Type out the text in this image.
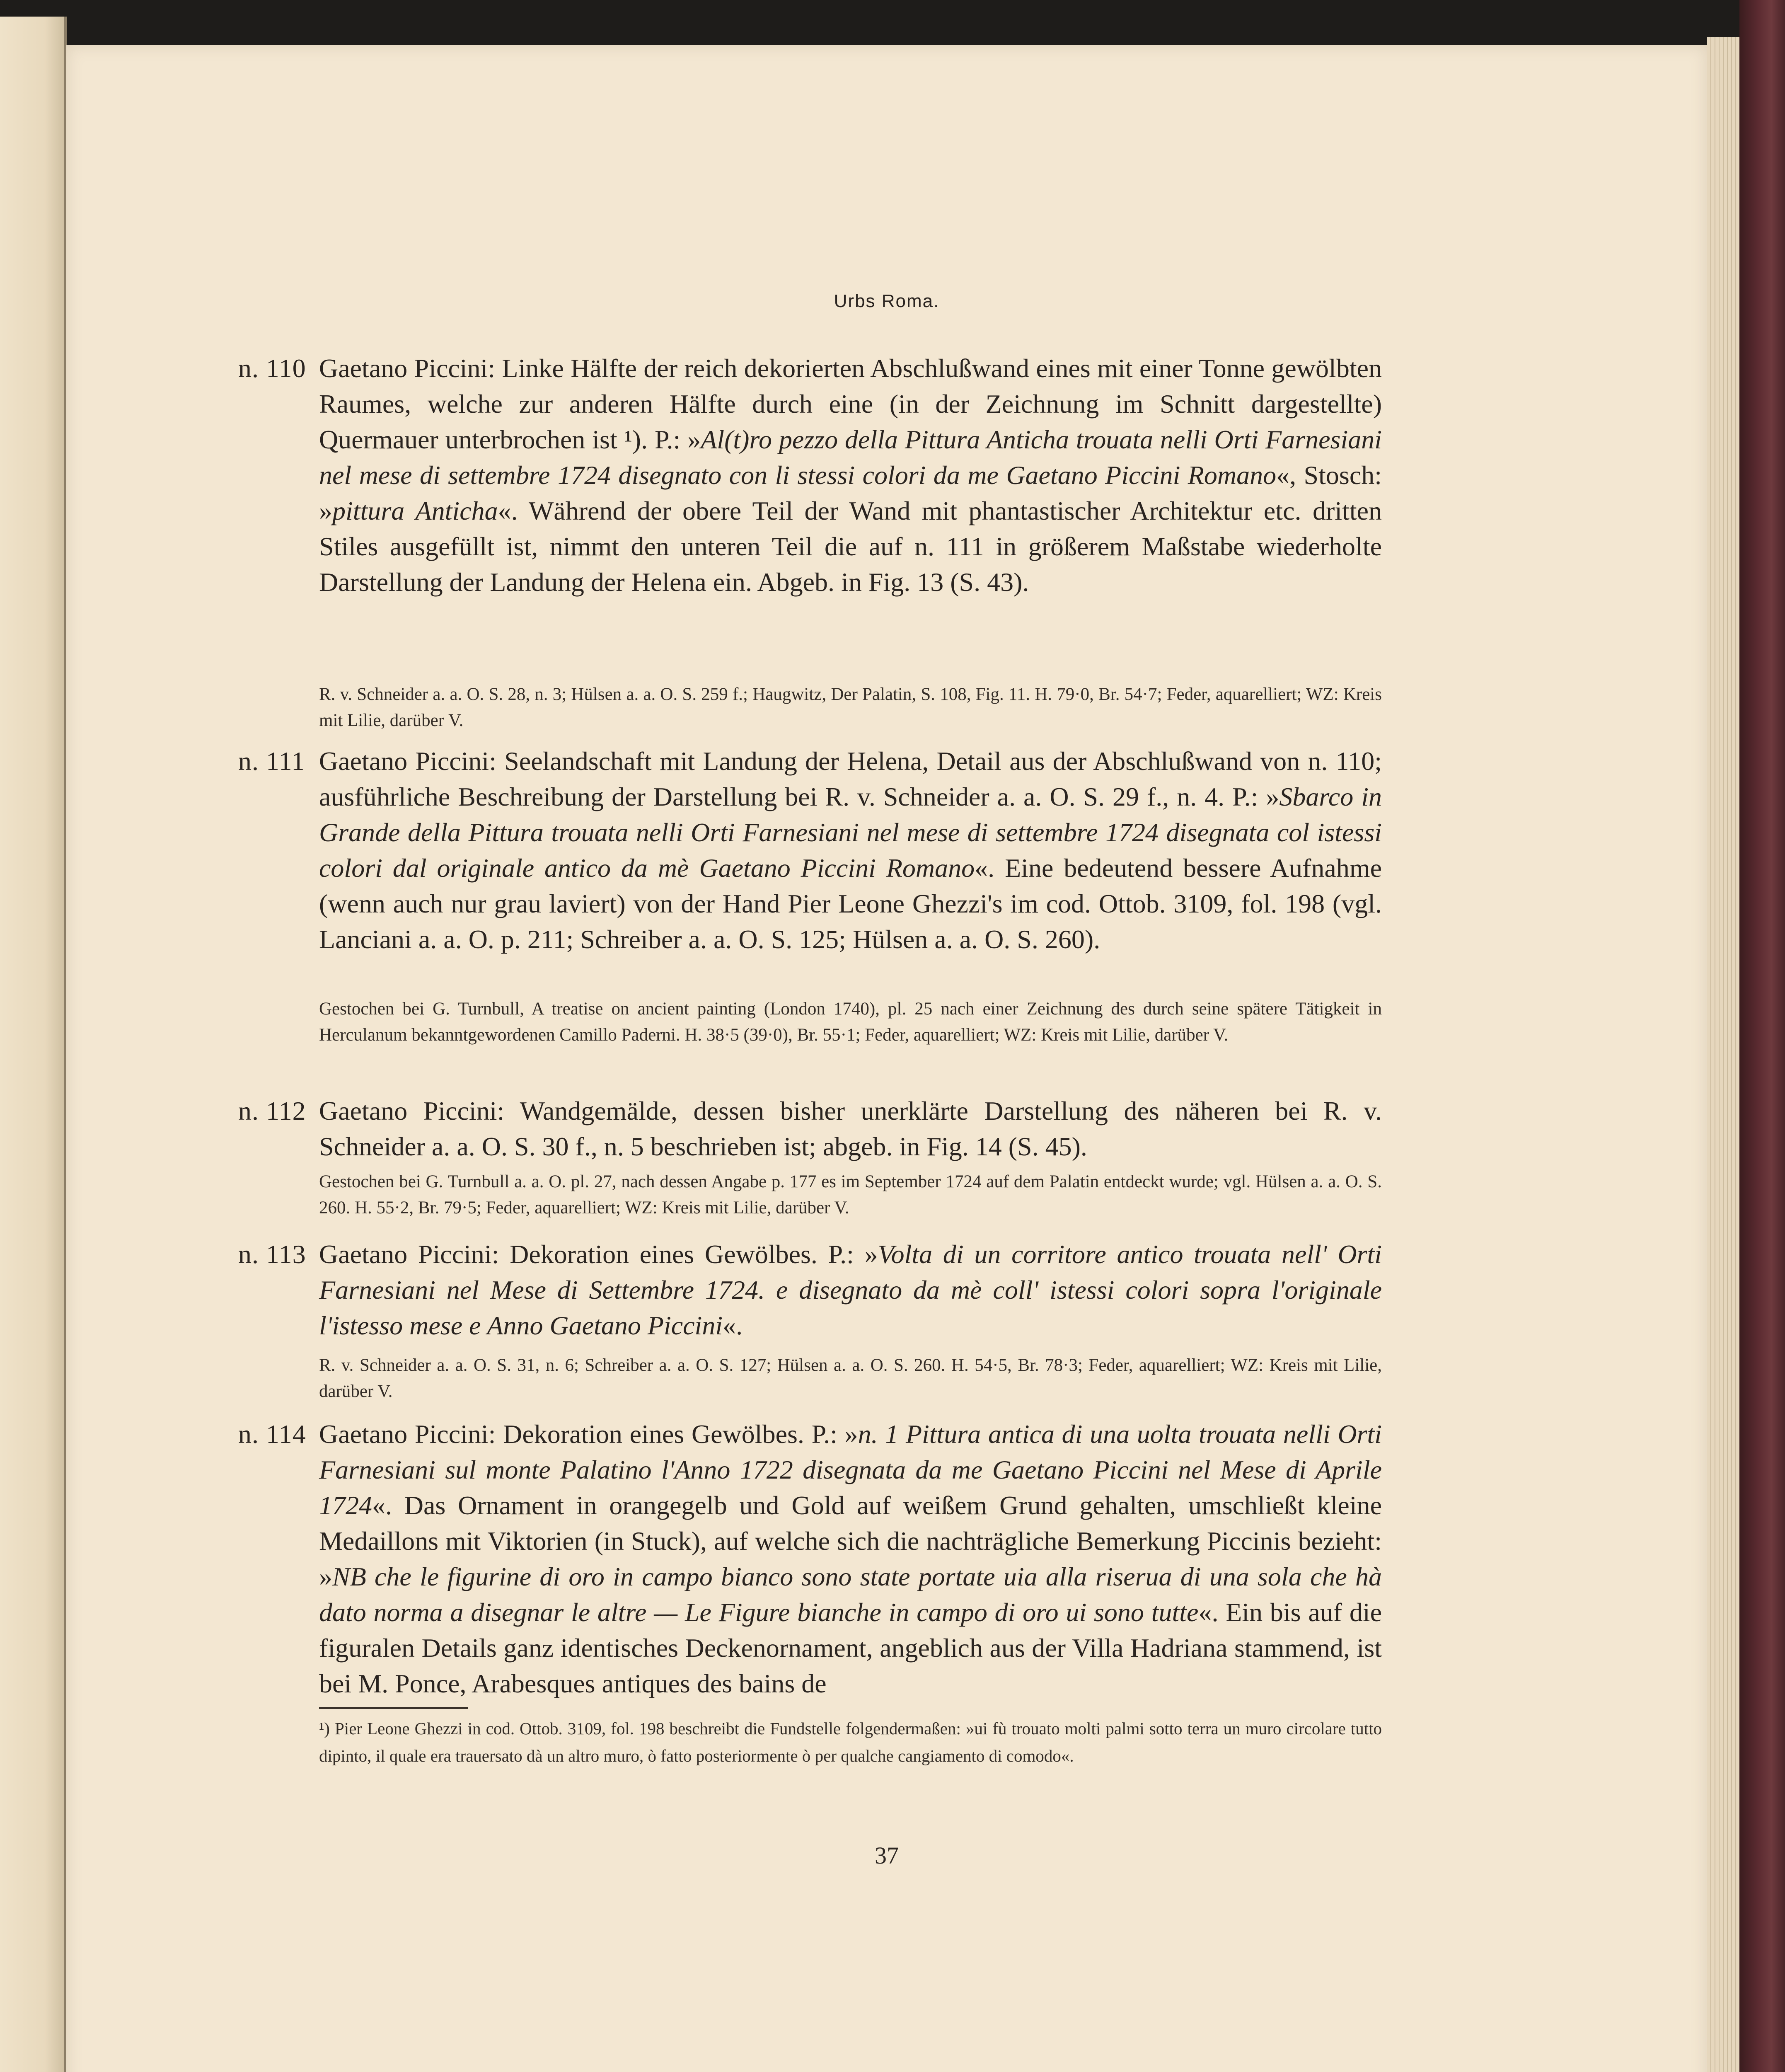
Urbs Roma.
n. 110 Gaetano Piccini: Linke Hälfte der reich dekorierten Abschlußwand eines mit einer Tonne gewölbten Raumes, welche zur anderen Hälfte durch eine (in der Zeichnung im Schnitt dargestellte) Quermauer unterbrochen ist ¹). P.: »Al(t)ro pezzo della Pittura Anticha trouata nelli Orti Farnesiani nel mese di settembre 1724 disegnato con li stessi colori da me Gaetano Piccini Romano«, Stosch: »pittura Anticha«. Während der obere Teil der Wand mit phantastischer Architektur etc. dritten Stiles ausgefüllt ist, nimmt den unteren Teil die auf n. 111 in größerem Maßstabe wiederholte Darstellung der Landung der Helena ein. Abgeb. in Fig. 13 (S. 43).
R. v. Schneider a. a. O. S. 28, n. 3; Hülsen a. a. O. S. 259 f.; Haugwitz, Der Palatin, S. 108, Fig. 11. H. 79·0, Br. 54·7; Feder, aquarelliert; WZ: Kreis mit Lilie, darüber V.
n. 111 Gaetano Piccini: Seelandschaft mit Landung der Helena, Detail aus der Abschlußwand von n. 110; ausführliche Beschreibung der Darstellung bei R. v. Schneider a. a. O. S. 29 f., n. 4. P.: »Sbarco in Grande della Pittura trouata nelli Orti Farnesiani nel mese di settembre 1724 disegnata col istessi colori dal originale antico da mè Gaetano Piccini Romano«. Eine bedeutend bessere Aufnahme (wenn auch nur grau laviert) von der Hand Pier Leone Ghezzi's im cod. Ottob. 3109, fol. 198 (vgl. Lanciani a. a. O. p. 211; Schreiber a. a. O. S. 125; Hülsen a. a. O. S. 260).
Gestochen bei G. Turnbull, A treatise on ancient painting (London 1740), pl. 25 nach einer Zeichnung des durch seine spätere Tätigkeit in Herculanum bekanntgewordenen Camillo Paderni. H. 38·5 (39·0), Br. 55·1; Feder, aquarelliert; WZ: Kreis mit Lilie, darüber V.
n. 112 Gaetano Piccini: Wandgemälde, dessen bisher unerklärte Darstellung des näheren bei R. v. Schneider a. a. O. S. 30 f., n. 5 beschrieben ist; abgeb. in Fig. 14 (S. 45).
Gestochen bei G. Turnbull a. a. O. pl. 27, nach dessen Angabe p. 177 es im September 1724 auf dem Palatin entdeckt wurde; vgl. Hülsen a. a. O. S. 260. H. 55·2, Br. 79·5; Feder, aquarelliert; WZ: Kreis mit Lilie, darüber V.
n. 113 Gaetano Piccini: Dekoration eines Gewölbes. P.: »Volta di un corritore antico trouata nell' Orti Farnesiani nel Mese di Settembre 1724. e disegnato da mè coll' istessi colori sopra l'originale l'istesso mese e Anno Gaetano Piccini«.
R. v. Schneider a. a. O. S. 31, n. 6; Schreiber a. a. O. S. 127; Hülsen a. a. O. S. 260. H. 54·5, Br. 78·3; Feder, aquarelliert; WZ: Kreis mit Lilie, darüber V.
n. 114 Gaetano Piccini: Dekoration eines Gewölbes. P.: »n. 1 Pittura antica di una uolta trouata nelli Orti Farnesiani sul monte Palatino l'Anno 1722 disegnata da me Gaetano Piccini nel Mese di Aprile 1724«. Das Ornament in orangegelb und Gold auf weißem Grund gehalten, umschließt kleine Medaillons mit Viktorien (in Stuck), auf welche sich die nachträgliche Bemerkung Piccinis bezieht: »NB che le figurine di oro in campo bianco sono state portate uia alla riserua di una sola che hà dato norma a disegnar le altre — Le Figure bianche in campo di oro ui sono tutte«. Ein bis auf die figuralen Details ganz identisches Deckenornament, angeblich aus der Villa Hadriana stammend, ist bei M. Ponce, Arabesques antiques des bains de
¹) Pier Leone Ghezzi in cod. Ottob. 3109, fol. 198 beschreibt die Fundstelle folgendermaßen: »ui fù trouato molti palmi sotto terra un muro circolare tutto dipinto, il quale era trauersato dà un altro muro, ò fatto posteriormente ò per qualche cangiamento di comodo«.
37
